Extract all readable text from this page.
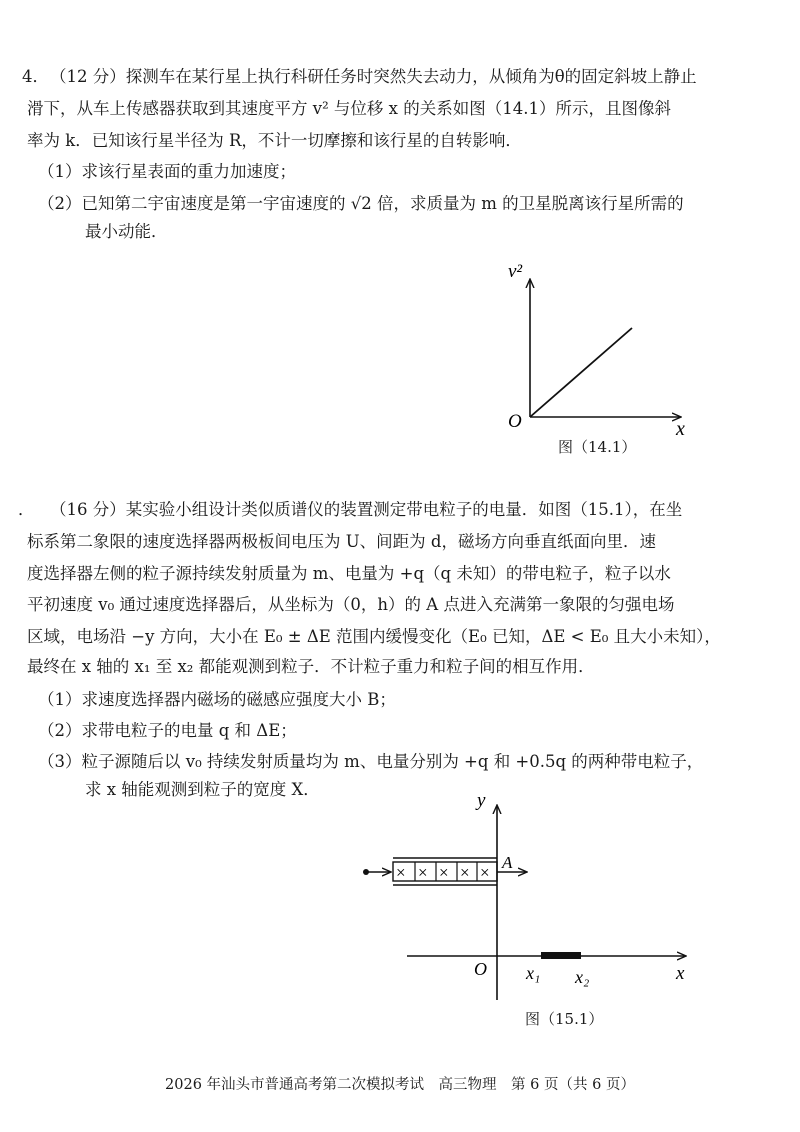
4． （12 分）探测车在某行星上执行科研任务时突然失去动力，从倾角为θ的固定斜坡上静止
滑下，从车上传感器获取到其速度平方 v² 与位移 x 的关系如图（14.1）所示，且图像斜
率为 k．已知该行星半径为 R，不计一切摩擦和该行星的自转影响．
（1）求该行星表面的重力加速度；
（2）已知第二宇宙速度是第一宇宙速度的 √2 倍，求质量为 m 的卫星脱离该行星所需的
最小动能．
v²
x
O
图（14.1）
． （16 分）某实验小组设计类似质谱仪的装置测定带电粒子的电量．如图（15.1），在坐
标系第二象限的速度选择器两极板间电压为 U、间距为 d，磁场方向垂直纸面向里．速
度选择器左侧的粒子源持续发射质量为 m、电量为 +q（q 未知）的带电粒子，粒子以水
平初速度 v₀ 通过速度选择器后，从坐标为（0，h）的 A 点进入充满第一象限的匀强电场
区域，电场沿 −y 方向，大小在 E₀ ± ΔE 范围内缓慢变化（E₀ 已知，ΔE < E₀ 且大小未知），
最终在 x 轴的 x₁ 至 x₂ 都能观测到粒子．不计粒子重力和粒子间的相互作用．
（1）求速度选择器内磁场的磁感应强度大小 B；
（2）求带电粒子的电量 q 和 ΔE；
（3）粒子源随后以 v₀ 持续发射质量均为 m、电量分别为 +q 和 +0.5q 的两种带电粒子，
求 x 轴能观测到粒子的宽度 X．
× × × × ×
y
x
O
A
x₁ x₂
图（15.1）
2026 年汕头市普通高考第二次模拟考试　高三物理　第 6 页（共 6 页）
